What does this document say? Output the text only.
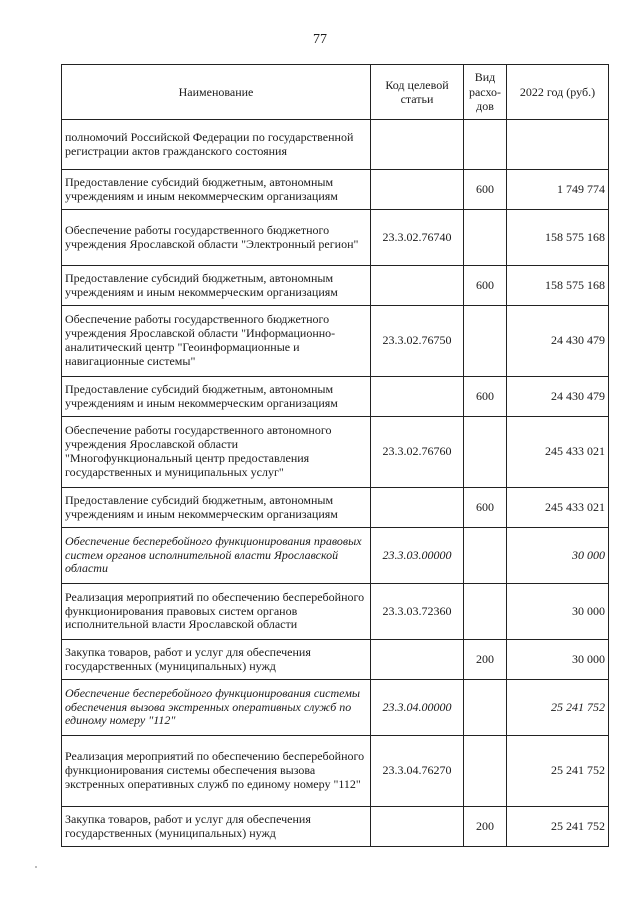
77
Наименование	Код целевой статьи	Вид расхо-дов	2022 год (руб.)
полномочий Российской Федерации по государственной регистрации актов гражданского состояния			
Предоставление субсидий бюджетным, автономным учреждениям и иным некоммерческим организациям		600	1 749 774
Обеспечение работы государственного бюджетного учреждения Ярославской области "Электронный регион"	23.3.02.76740		158 575 168
Предоставление субсидий бюджетным, автономным учреждениям и иным некоммерческим организациям		600	158 575 168
Обеспечение работы государственного бюджетного учреждения Ярославской области "Информационно-аналитический центр "Геоинформационные и навигационные системы"	23.3.02.76750		24 430 479
Предоставление субсидий бюджетным, автономным учреждениям и иным некоммерческим организациям		600	24 430 479
Обеспечение работы государственного автономного учреждения Ярославской области "Многофункциональный центр предоставления государственных и муниципальных услуг"	23.3.02.76760		245 433 021
Предоставление субсидий бюджетным, автономным учреждениям и иным некоммерческим организациям		600	245 433 021
Обеспечение бесперебойного функционирования правовых систем органов исполнительной власти Ярославской области	23.3.03.00000		30 000
Реализация мероприятий по обеспечению бесперебойного функционирования правовых систем органов исполнительной власти Ярославской области	23.3.03.72360		30 000
Закупка товаров, работ и услуг для обеспечения государственных (муниципальных) нужд		200	30 000
Обеспечение бесперебойного функционирования системы обеспечения вызова экстренных оперативных служб по единому номеру "112"	23.3.04.00000		25 241 752
Реализация мероприятий по обеспечению бесперебойного функционирования системы обеспечения вызова экстренных оперативных служб по единому номеру "112"	23.3.04.76270		25 241 752
Закупка товаров, работ и услуг для обеспечения государственных (муниципальных) нужд		200	25 241 752
